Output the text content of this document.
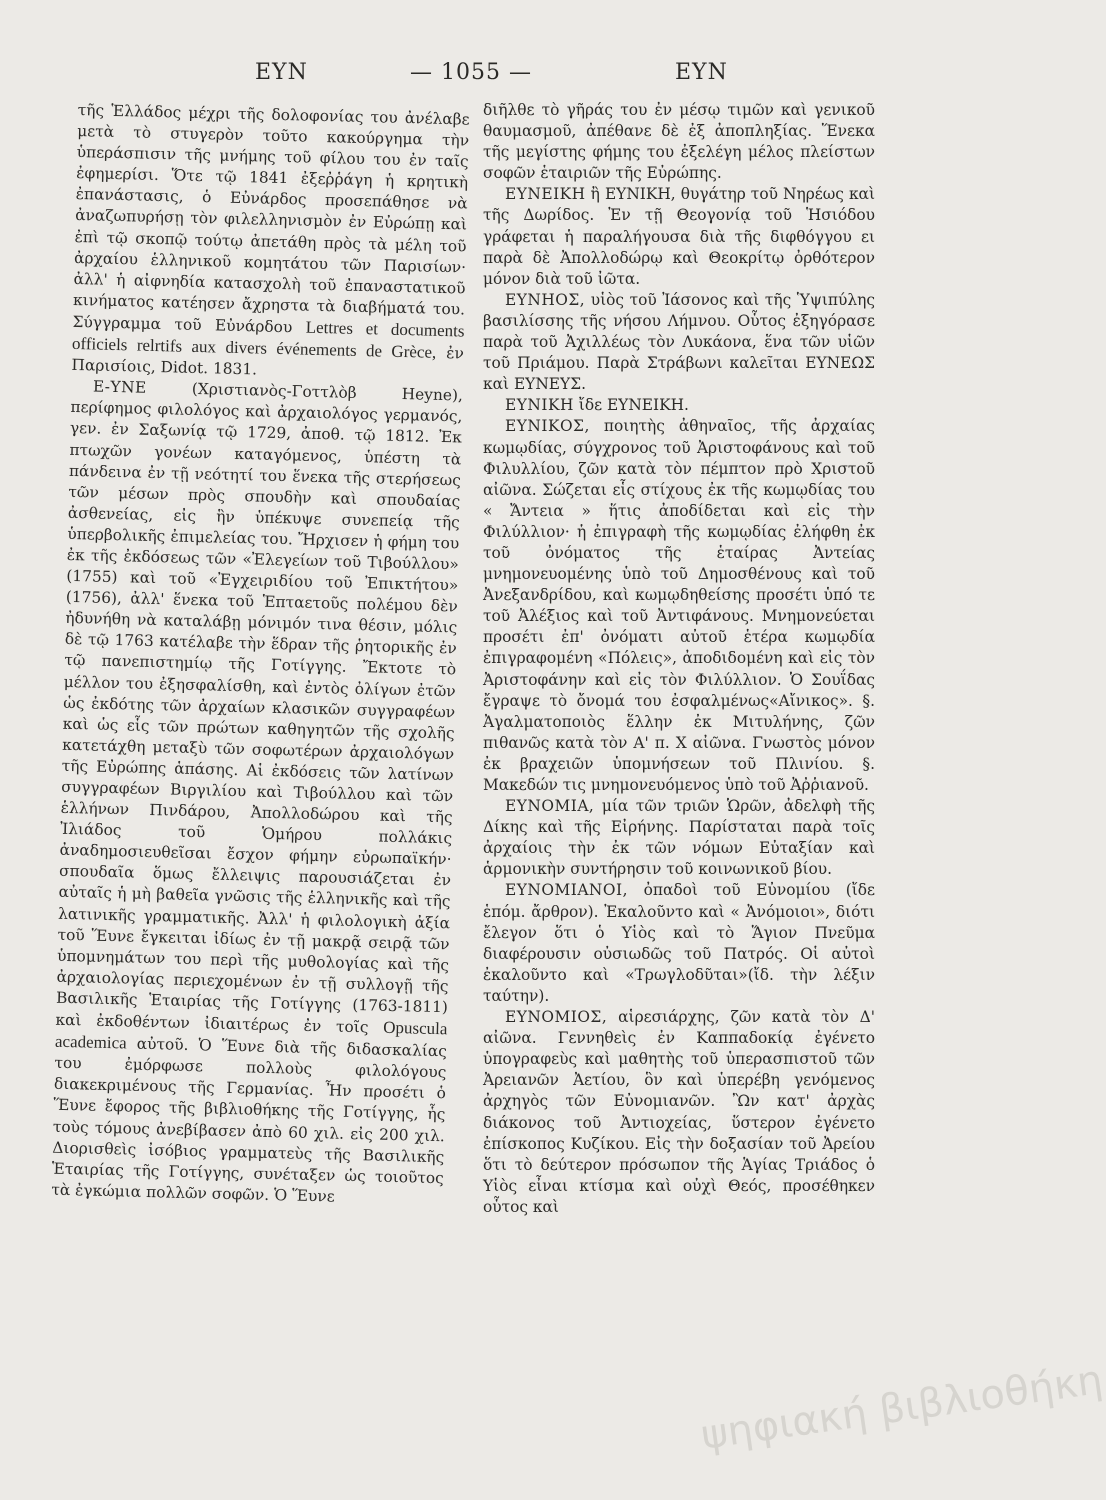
ΕΥΝ	— 1055 —	ΕΥΝ

τῆς Ἑλλάδος μέχρι τῆς δολοφονίας του ἀνέλαβε μετὰ τὸ στυγερὸν τοῦτο κακούργημα τὴν ὑπεράσπισιν τῆς μνήμης τοῦ φίλου του ἐν ταῖς ἐφημερίσι. Ὅτε τῷ 1841 ἐξεῤῥάγη ἡ κρητικὴ ἐπανάστασις, ὁ Εὐνάρδος προσεπάθησε νὰ ἀναζωπυρήσῃ τὸν φιλελληνισμὸν ἐν Εὐρώπῃ καὶ ἐπὶ τῷ σκοπῷ τούτῳ ἀπετάθη πρὸς τὰ μέλη τοῦ ἀρχαίου ἑλληνικοῦ κομητάτου τῶν Παρισίων· ἀλλ' ἡ αἰφνηδία κατασχολὴ τοῦ ἐπαναστατικοῦ κινήματος κατέησεν ἄχρηστα τὰ διαβήματά του. Σύγγραμμα τοῦ Εὐνάρδου Lettres et documents officiels relrtifs aux divers événements de Grèce, ἐν Παρισίοις, Didot. 1831.

Ε-ΥΝΕ	(Χριστιανὸς-Γοττλὸβ Heyne), περίφημος φιλολόγος καὶ ἀρχαιολόγος γερμανός, γεν. ἐν Σαξωνίᾳ τῷ 1729, ἀποθ. τῷ 1812. Ἐκ πτωχῶν γονέων καταγόμενος, ὑπέστη τὰ πάνδεινα ἐν τῇ νεότητί του ἕνεκα τῆς στερήσεως τῶν μέσων πρὸς σπουδὴν καὶ σπουδαίας ἀσθενείας, εἰς ἣν ὑπέκυψε συνεπείᾳ τῆς ὑπερβολικῆς ἐπιμελείας του. Ἤρχισεν ἡ φήμη του ἐκ τῆς ἐκδόσεως τῶν «Ἐλεγείων τοῦ Τιβούλλου» (1755) καὶ τοῦ «Ἐγχειριδίου τοῦ Ἐπικτήτου» (1756), ἀλλ' ἕνεκα τοῦ Ἑπταετοῦς πολέμου δὲν ἠδυνήθη νὰ καταλάβῃ μόνιμόν τινα θέσιν, μόλις δὲ τῷ 1763 κατέλαβε τὴν ἕδραν τῆς ῥητορικῆς ἐν τῷ πανεπιστημίῳ τῆς Γοτίγγης. Ἔκτοτε τὸ μέλλον του ἐξησφαλίσθη, καὶ ἐντὸς ὀλίγων ἐτῶν ὡς ἐκδότης τῶν ἀρχαίων κλασικῶν συγγραφέων καὶ ὡς εἷς τῶν πρώτων καθηγητῶν τῆς σχολῆς κατετάχθη μεταξὺ τῶν σοφωτέρων ἀρχαιολόγων τῆς Εὐρώπης ἁπάσης. Αἱ ἐκδόσεις τῶν λατίνων συγγραφέων Βιργιλίου καὶ Τιβούλλου καὶ τῶν ἑλλήνων Πινδάρου, Ἀπολλοδώρου καὶ τῆς Ἰλιάδος τοῦ Ὁμήρου πολλάκις ἀναδημοσιευθεῖσαι ἔσχον φήμην εὐρωπαϊκήν· σπουδαῖα ὅμως ἔλλειψις παρουσιάζεται ἐν αὐταῖς ἡ μὴ βαθεῖα γνῶσις τῆς ἑλληνικῆς καὶ τῆς λατινικῆς γραμματικῆς. Ἀλλ' ἡ φιλολογικὴ ἀξία τοῦ Ἕυνε ἔγκειται ἰδίως ἐν τῇ μακρᾷ σειρᾷ τῶν ὑπομνημάτων του περὶ τῆς μυθολογίας καὶ τῆς ἀρχαιολογίας περιεχομένων ἐν τῇ συλλογῇ τῆς Βασιλικῆς Ἑταιρίας τῆς Γοτίγγης (1763-1811) καὶ ἐκδοθέντων ἰδιαιτέρως ἐν τοῖς Opuscula academica αὐτοῦ. Ὁ Ἕυνε διὰ τῆς διδασκαλίας του ἐμόρφωσε πολλοὺς φιλολόγους διακεκριμένους τῆς Γερμανίας. Ἦν προσέτι ὁ Ἕυνε ἔφορος τῆς βιβλιοθήκης τῆς Γοτίγγης, ἧς τοὺς τόμους ἀνεβίβασεν ἀπὸ 60 χιλ. εἰς 200 χιλ. Διορισθεὶς ἰσόβιος γραμματεὺς τῆς Βασιλικῆς Ἑταιρίας τῆς Γοτίγγης, συνέταξεν ὡς τοιοῦτος τὰ ἐγκώμια πολλῶν σοφῶν. Ὁ Ἕυνε

διῆλθε τὸ γῆράς του ἐν μέσῳ τιμῶν καὶ γενικοῦ θαυμασμοῦ, ἀπέθανε δὲ ἐξ ἀποπληξίας. Ἕνεκα τῆς μεγίστης φήμης του ἐξελέγη μέλος πλείστων σοφῶν ἑταιριῶν τῆς Εὐρώπης.

ΕΥΝΕΙΚΗ ἢ ΕΥΝΙΚΗ, θυγάτηρ τοῦ Νηρέως καὶ τῆς Δωρίδος. Ἐν τῇ Θεογονίᾳ τοῦ Ἡσιόδου γράφεται ἡ παραλήγουσα διὰ τῆς διφθόγγου ει παρὰ δὲ Ἀπολλοδώρῳ καὶ Θεοκρίτῳ ὀρθότερον μόνον διὰ τοῦ ἰῶτα.

ΕΥΝΗΟΣ, υἱὸς τοῦ Ἰάσονος καὶ τῆς Ὑψιπύλης βασιλίσσης τῆς νήσου Λήμνου. Οὗτος ἐξηγόρασε παρὰ τοῦ Ἀχιλλέως τὸν Λυκάονα, ἕνα τῶν υἱῶν τοῦ Πριάμου. Παρὰ Στράβωνι καλεῖται ΕΥΝΕΩΣ καὶ ΕΥΝΕΥΣ.

ΕΥΝΙΚΗ ἴδε ΕΥΝΕΙΚΗ.

ΕΥΝΙΚΟΣ, ποιητὴς ἀθηναῖος, τῆς ἀρχαίας κωμῳδίας, σύγχρονος τοῦ Ἀριστοφάνους καὶ τοῦ Φιλυλλίου, ζῶν κατὰ τὸν πέμπτον πρὸ Χριστοῦ αἰῶνα. Σώζεται εἷς στίχους ἐκ τῆς κωμῳδίας του « Ἄντεια » ἥτις ἀποδίδεται καὶ εἰς τὴν Φιλύλλιον· ἡ ἐπιγραφὴ τῆς κωμῳδίας ἐλήφθη ἐκ τοῦ ὀνόματος τῆς ἑταίρας Ἀντείας μνημονευομένης ὑπὸ τοῦ Δημοσθένους καὶ τοῦ Ἀνεξανδρίδου, καὶ κωμῳδηθείσης προσέτι ὑπό τε τοῦ Ἀλέξιος καὶ τοῦ Ἀντιφάνους. Μνημονεύεται προσέτι ἐπ' ὀνόματι αὐτοῦ ἑτέρα κωμῳδία ἐπιγραφομένη «Πόλεις», ἀποδιδομένη καὶ εἰς τὸν Ἀριστοφάνην καὶ εἰς τὸν Φιλύλλιον. Ὁ Σουΐδας ἔγραψε τὸ ὄνομά του ἐσφαλμένως«Αἴνικος». §. Ἀγαλματοποιὸς ἕλλην ἐκ Μιτυλήνης, ζῶν πιθανῶς κατὰ τὸν Α' π. Χ αἰῶνα. Γνωστὸς μόνον ἐκ βραχειῶν ὑπομνήσεων τοῦ Πλινίου. §. Μακεδών τις μνημονευόμενος ὑπὸ τοῦ Ἀῤῥιανοῦ.

ΕΥΝΟΜΙΑ, μία τῶν τριῶν Ὡρῶν, ἀδελφὴ τῆς Δίκης καὶ τῆς Εἰρήνης. Παρίσταται παρὰ τοῖς ἀρχαίοις τὴν ἐκ τῶν νόμων Εὐταξίαν καὶ ἁρμονικὴν συντήρησιν τοῦ κοινωνικοῦ βίου.

ΕΥΝΟΜΙΑΝΟΙ, ὀπαδοὶ τοῦ Εὐνομίου (ἴδε ἑπόμ. ἄρθρον). Ἐκαλοῦντο καὶ « Ἀνόμοιοι», διότι ἔλεγον ὅτι ὁ Υἱὸς καὶ τὸ Ἅγιον Πνεῦμα διαφέρουσιν οὐσιωδῶς τοῦ Πατρός. Οἱ αὐτοὶ ἐκαλοῦντο καὶ «Τρωγλοδῦται»(ἴδ. τὴν λέξιν ταύτην).

ΕΥΝΟΜΙΟΣ, αἱρεσιάρχης, ζῶν κατὰ τὸν Δ' αἰῶνα. Γεννηθεὶς ἐν Καππαδοκίᾳ ἐγένετο ὑπογραφεὺς καὶ μαθητὴς τοῦ ὑπερασπιστοῦ τῶν Ἀρειανῶν Ἀετίου, ὃν καὶ ὑπερέβη γενόμενος ἀρχηγὸς τῶν Εὐνομιανῶν. Ὢν κατ' ἀρχὰς διάκονος τοῦ Ἀντιοχείας, ὕστερον ἐγένετο ἐπίσκοπος Κυζίκου. Εἰς τὴν δοξασίαν τοῦ Ἀρείου ὅτι τὸ δεύτερον πρόσωπον τῆς Ἁγίας Τριάδος ὁ Υἱὸς εἶναι κτίσμα καὶ οὐχὶ Θεός, προσέθηκεν οὗτος καὶ

ψηφιακή βιβλιοθήκη
